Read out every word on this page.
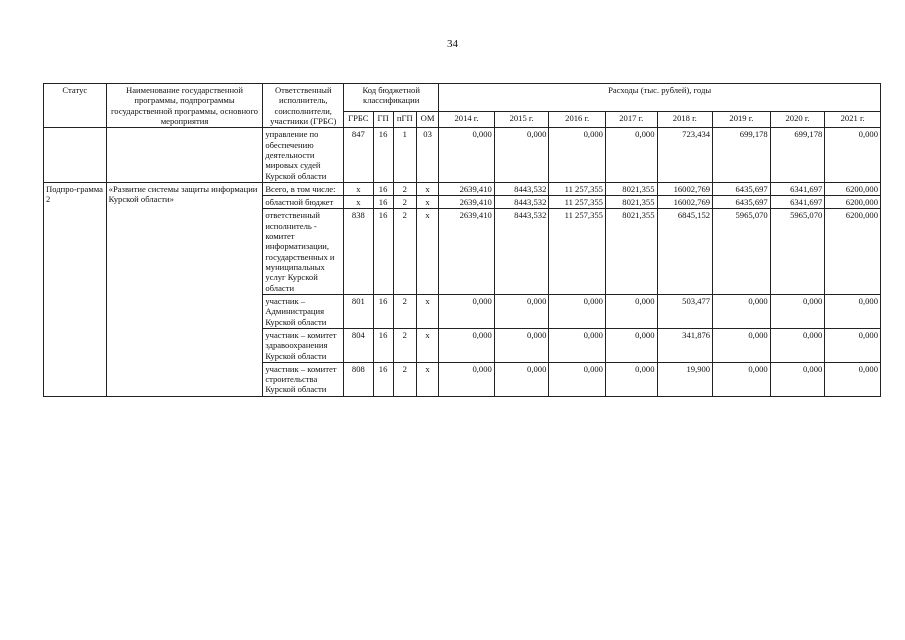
34
Статус	Наименование государственной программы, подпрограммы государственной программы, основного мероприятия	Ответственный исполнитель, соисполнители, участники (ГРБС)	Код бюджетной классификации				Расходы (тыс. рублей), годы							
			ГРБС	ГП	пГП	ОМ	2014 г.	2015 г.	2016 г.	2017 г.	2018 г.	2019 г.	2020 г.	2021 г.
		управление по обеспечению деятельности мировых судей Курской области	847	16	1	03	0,000	0,000	0,000	0,000	723,434	699,178	699,178	0,000
Подпро-грамма 2	«Развитие системы защиты информации Курской области»	Всего, в том числе:	х	16	2	х	2639,410	8443,532	11 257,355	8021,355	16002,769	6435,697	6341,697	6200,000
		областной бюджет	х	16	2	х	2639,410	8443,532	11 257,355	8021,355	16002,769	6435,697	6341,697	6200,000
		ответственный исполнитель - комитет информатизации, государственных и муниципальных услуг Курской области	838	16	2	х	2639,410	8443,532	11 257,355	8021,355	6845,152	5965,070	5965,070	6200,000
		участник – Администрация Курской области	801	16	2	х	0,000	0,000	0,000	0,000	503,477	0,000	0,000	0,000
		участник – комитет здравоохранения Курской области	804	16	2	х	0,000	0,000	0,000	0,000	341,876	0,000	0,000	0,000
		участник – комитет строительства Курской области	808	16	2	х	0,000	0,000	0,000	0,000	19,900	0,000	0,000	0,000
